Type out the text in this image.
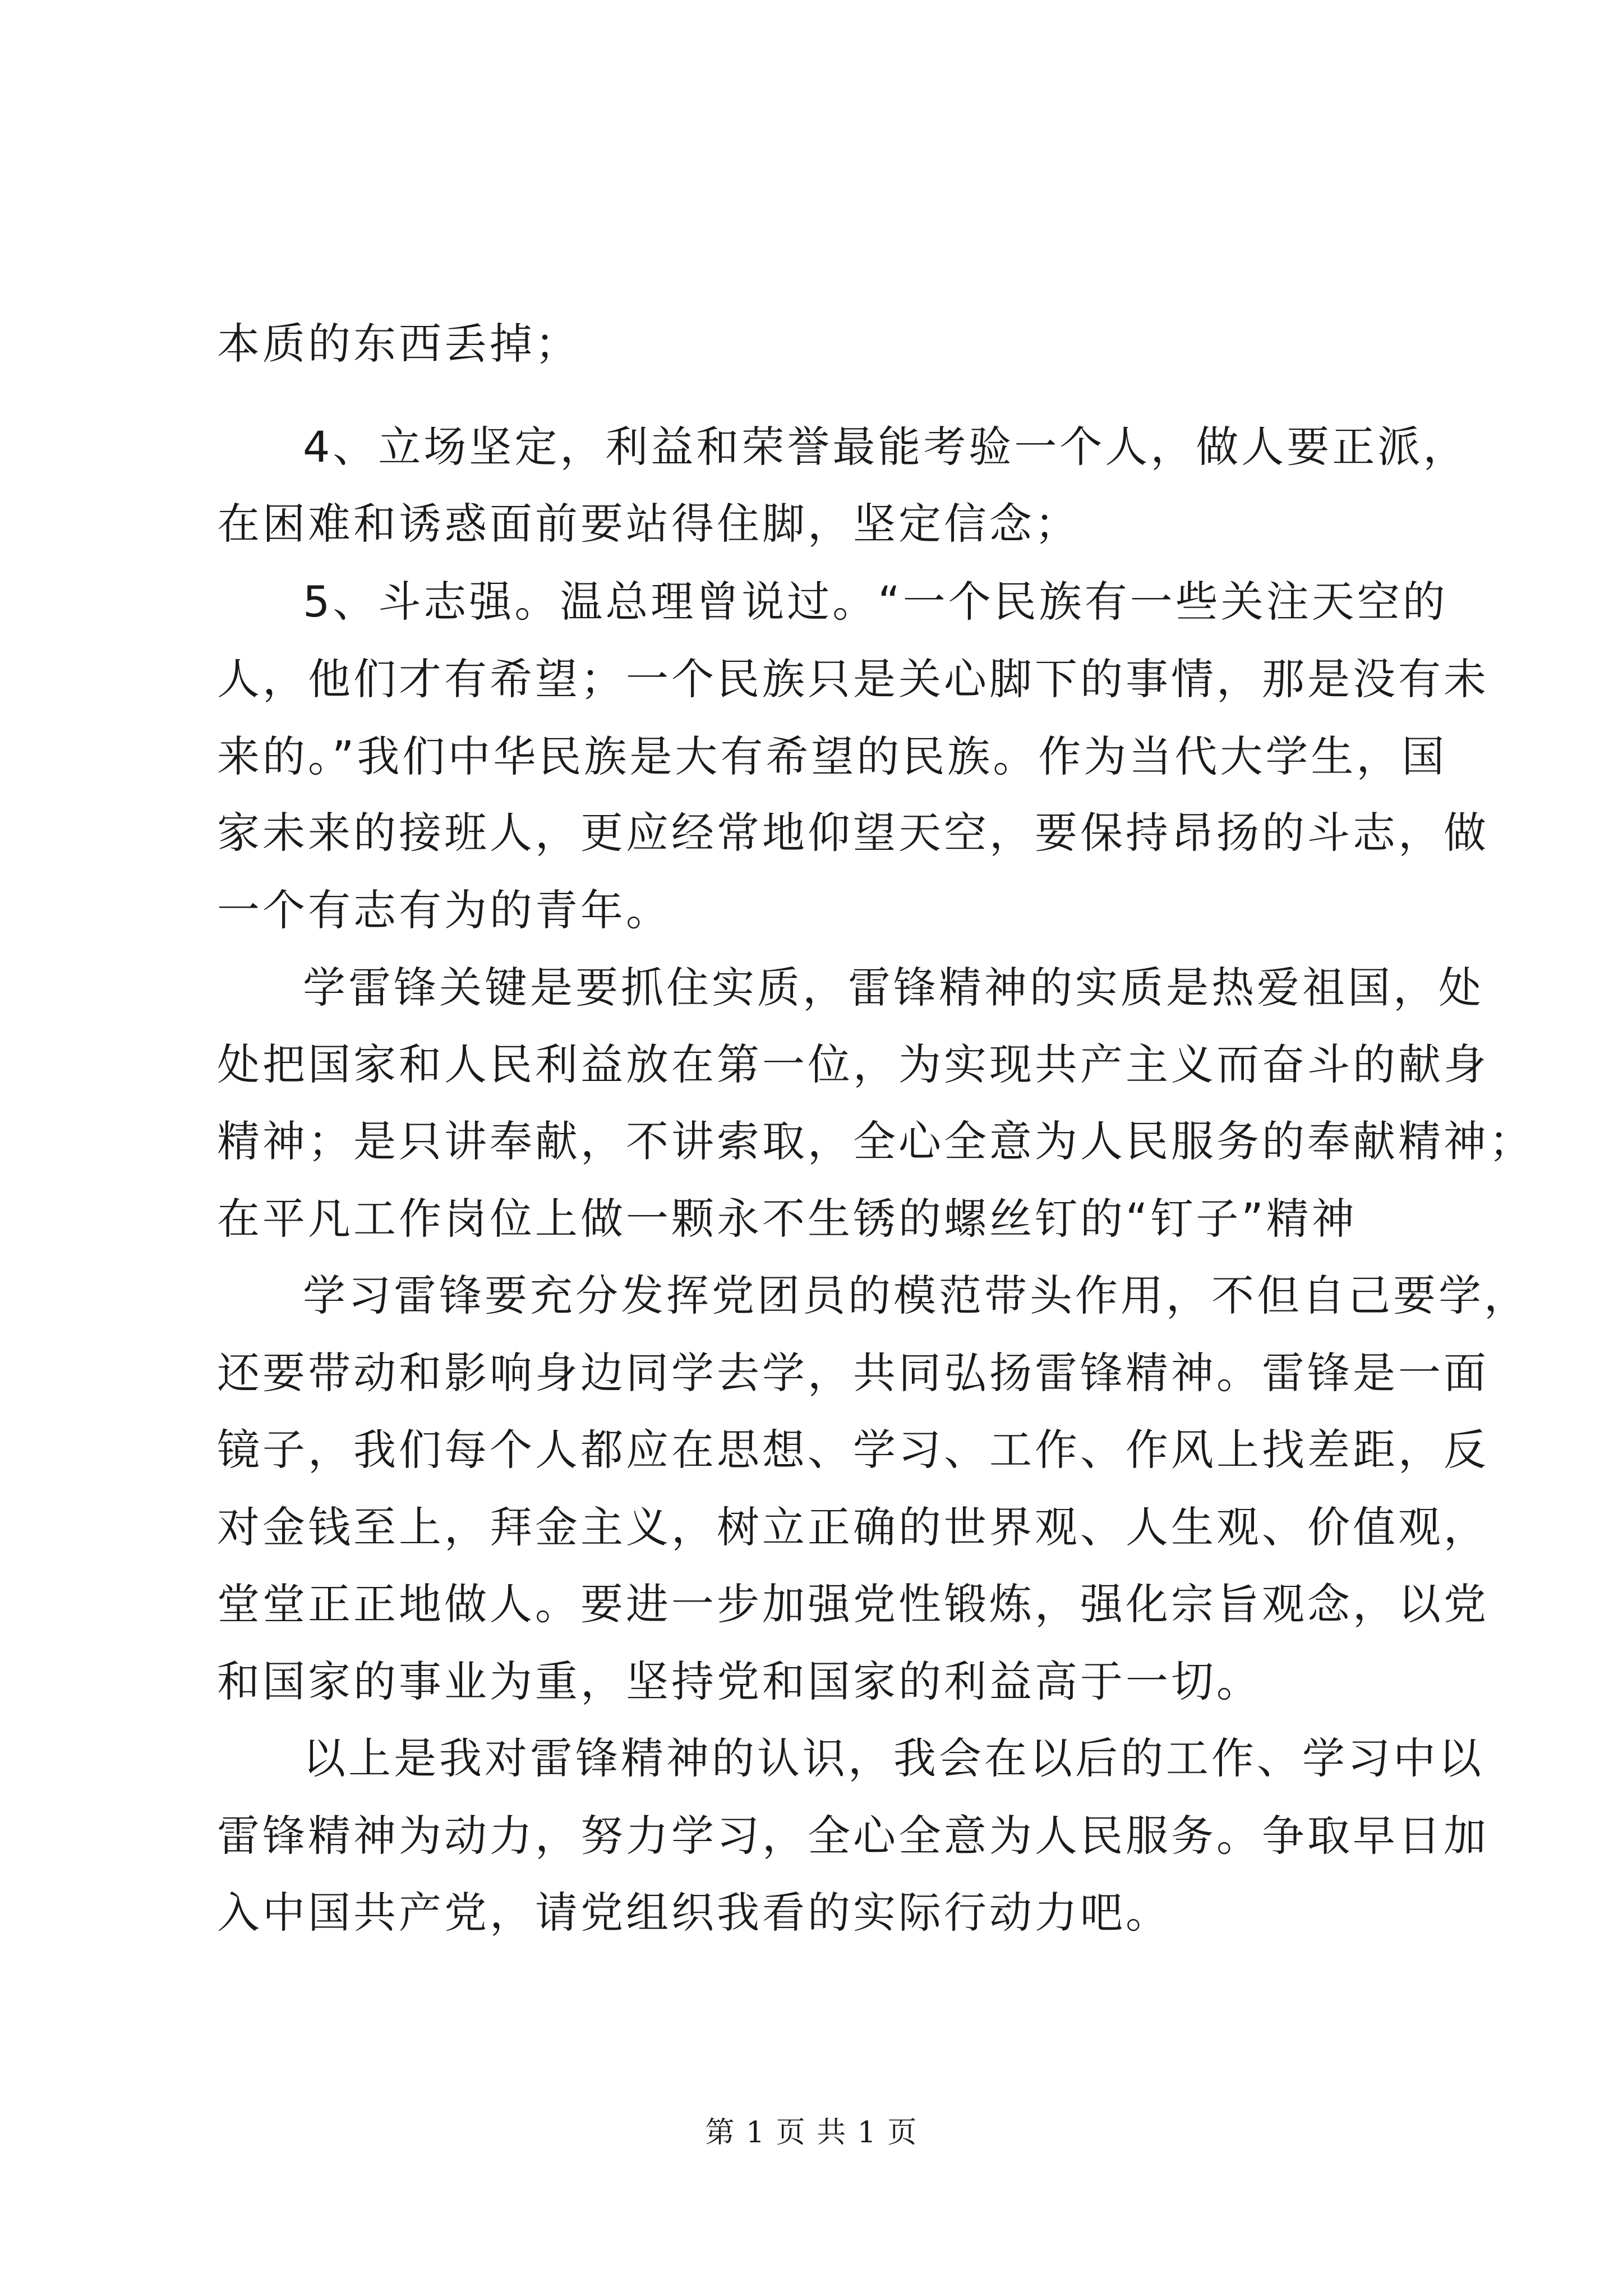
本质的东西丢掉；
4、立场坚定，利益和荣誉最能考验一个人，做人要正派，
在困难和诱惑面前要站得住脚，坚定信念；
5、斗志强。温总理曾说过。“一个民族有一些关注天空的
人，他们才有希望；一个民族只是关心脚下的事情，那是没有未
来的。”我们中华民族是大有希望的民族。作为当代大学生，国
家未来的接班人，更应经常地仰望天空，要保持昂扬的斗志，做
一个有志有为的青年。
学雷锋关键是要抓住实质，雷锋精神的实质是热爱祖国，处
处把国家和人民利益放在第一位，为实现共产主义而奋斗的献身
精神；是只讲奉献，不讲索取，全心全意为人民服务的奉献精神；
在平凡工作岗位上做一颗永不生锈的螺丝钉的“钉子”精神
学习雷锋要充分发挥党团员的模范带头作用，不但自己要学，
还要带动和影响身边同学去学，共同弘扬雷锋精神。雷锋是一面
镜子，我们每个人都应在思想、学习、工作、作风上找差距，反
对金钱至上，拜金主义，树立正确的世界观、人生观、价值观，
堂堂正正地做人。要进一步加强党性锻炼，强化宗旨观念，以党
和国家的事业为重，坚持党和国家的利益高于一切。
以上是我对雷锋精神的认识，我会在以后的工作、学习中以
雷锋精神为动力，努力学习，全心全意为人民服务。争取早日加
入中国共产党，请党组织我看的实际行动力吧。
第 1 页 共 1 页
